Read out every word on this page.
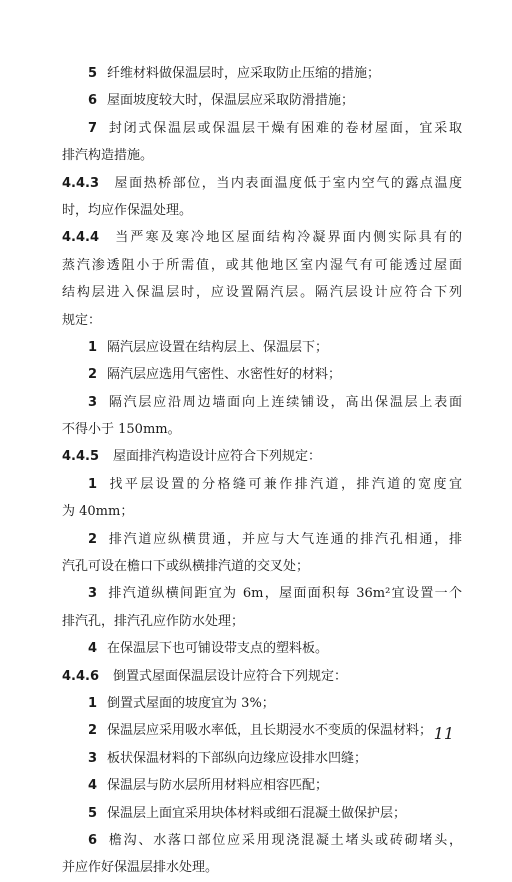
5 纤维材料做保温层时，应采取防止压缩的措施；
6 屋面坡度较大时，保温层应采取防滑措施；
7 封闭式保温层或保温层干燥有困难的卷材屋面，宜采取
排汽构造措施。
4.4.3 屋面热桥部位，当内表面温度低于室内空气的露点温度
时，均应作保温处理。
4.4.4 当严寒及寒冷地区屋面结构冷凝界面内侧实际具有的
蒸汽渗透阻小于所需值，或其他地区室内湿气有可能透过屋面
结构层进入保温层时，应设置隔汽层。隔汽层设计应符合下列
规定：
1 隔汽层应设置在结构层上、保温层下；
2 隔汽层应选用气密性、水密性好的材料；
3 隔汽层应沿周边墙面向上连续铺设，高出保温层上表面
不得小于 150mm。
4.4.5 屋面排汽构造设计应符合下列规定：
1 找平层设置的分格缝可兼作排汽道，排汽道的宽度宜
为 40mm；
2 排汽道应纵横贯通，并应与大气连通的排汽孔相通，排
汽孔可设在檐口下或纵横排汽道的交叉处；
3 排汽道纵横间距宜为 6m，屋面面积每 36m²宜设置一个
排汽孔，排汽孔应作防水处理；
4 在保温层下也可铺设带支点的塑料板。
4.4.6 倒置式屋面保温层设计应符合下列规定：
1 倒置式屋面的坡度宜为 3%；
2 保温层应采用吸水率低，且长期浸水不变质的保温材料；
3 板状保温材料的下部纵向边缘应设排水凹缝；
4 保温层与防水层所用材料应相容匹配；
5 保温层上面宜采用块体材料或细石混凝土做保护层；
6 檐沟、水落口部位应采用现浇混凝土堵头或砖砌堵头，
并应作好保温层排水处理。
11
